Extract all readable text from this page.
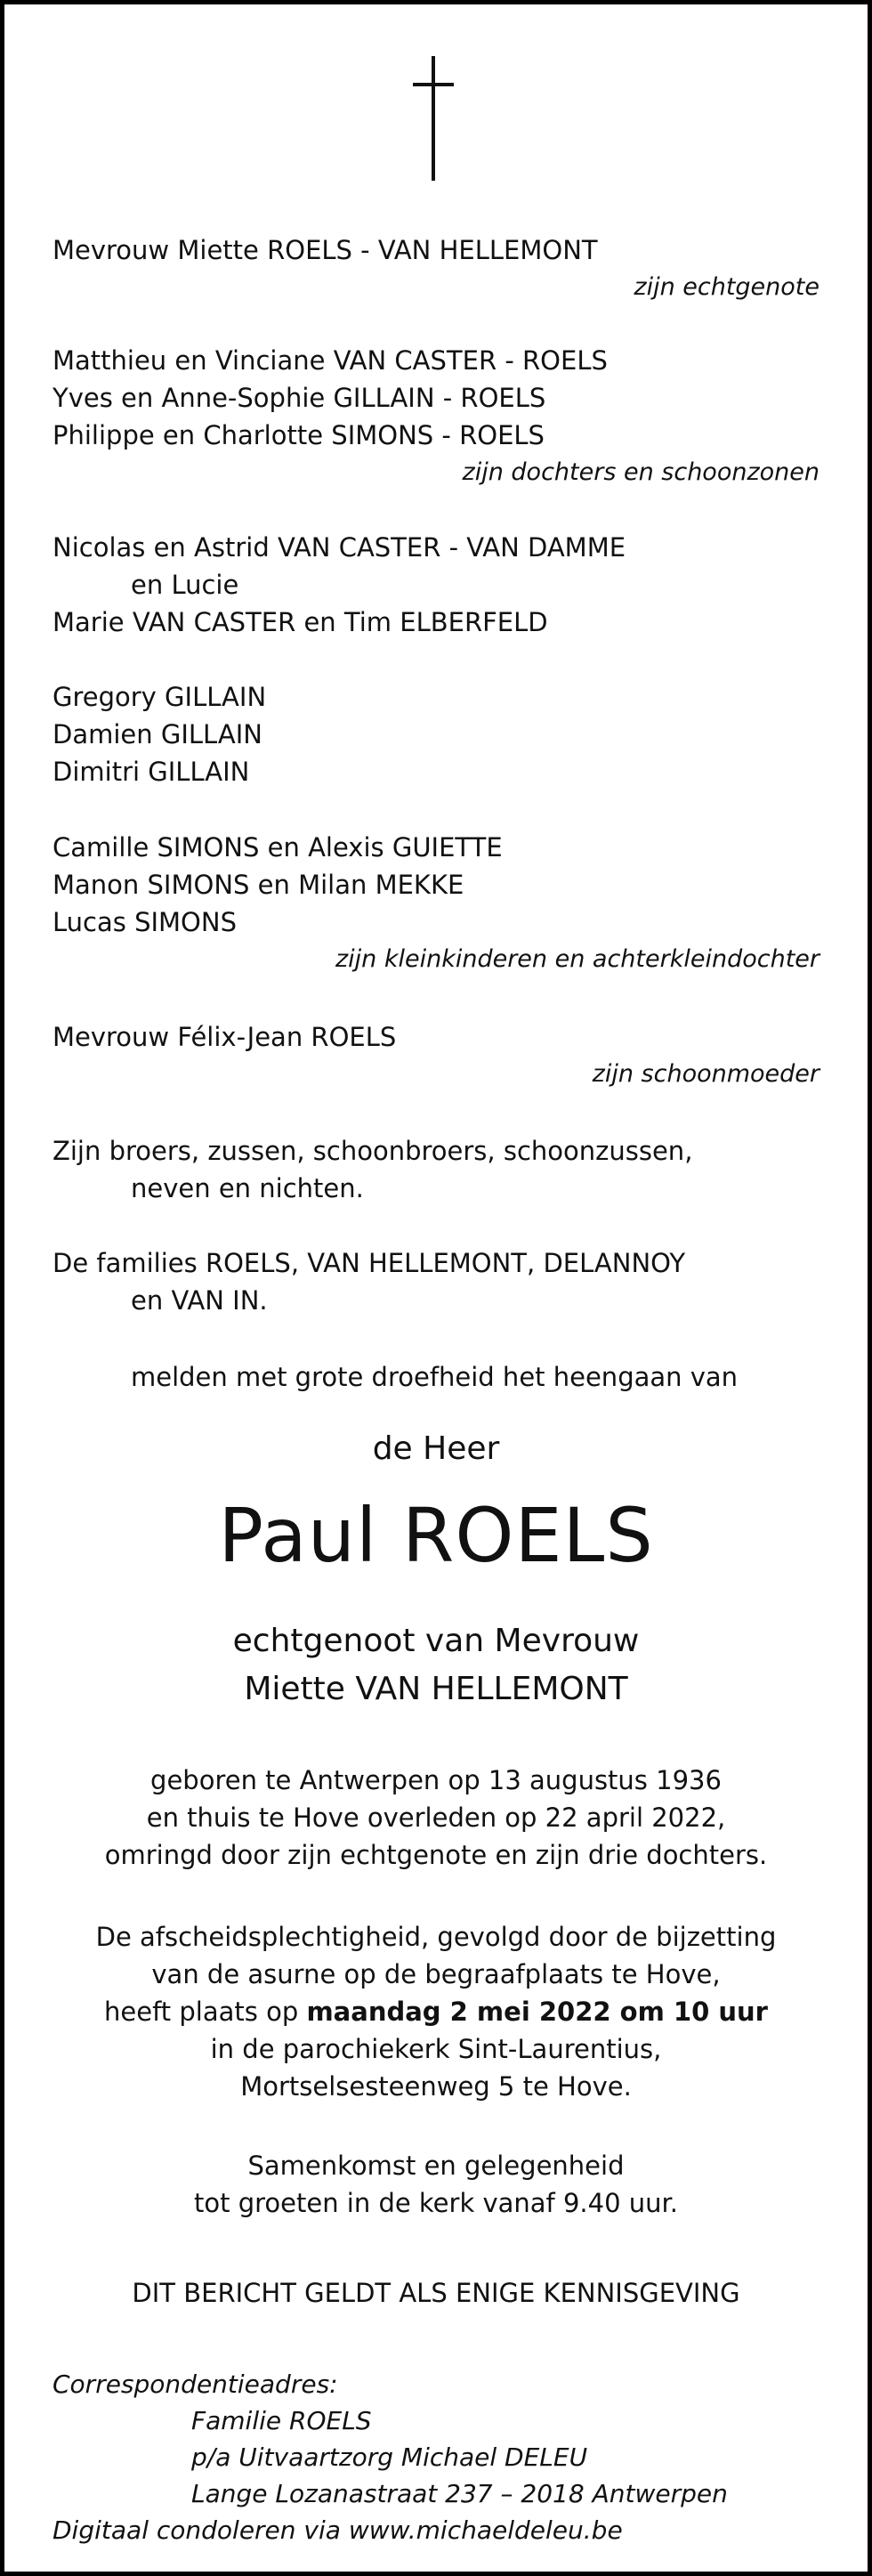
Mevrouw Miette ROELS - VAN HELLEMONT
zijn echtgenote
Matthieu en Vinciane VAN CASTER - ROELS
Yves en Anne-Sophie GILLAIN - ROELS
Philippe en Charlotte SIMONS - ROELS
zijn dochters en schoonzonen
Nicolas en Astrid VAN CASTER - VAN DAMME
en Lucie
Marie VAN CASTER en Tim ELBERFELD
Gregory GILLAIN
Damien GILLAIN
Dimitri GILLAIN
Camille SIMONS en Alexis GUIETTE
Manon SIMONS en Milan MEKKE
Lucas SIMONS
zijn kleinkinderen en achterkleindochter
Mevrouw Félix-Jean ROELS
zijn schoonmoeder
Zijn broers, zussen, schoonbroers, schoonzussen,
neven en nichten.
De families ROELS, VAN HELLEMONT, DELANNOY
en VAN IN.
melden met grote droefheid het heengaan van
de Heer
Paul ROELS
echtgenoot van Mevrouw
Miette VAN HELLEMONT
geboren te Antwerpen op 13 augustus 1936
en thuis te Hove overleden op 22 april 2022,
omringd door zijn echtgenote en zijn drie dochters.
De afscheidsplechtigheid, gevolgd door de bijzetting
van de asurne op de begraafplaats te Hove,
heeft plaats op maandag 2 mei 2022 om 10 uur
in de parochiekerk Sint-Laurentius,
Mortselsesteenweg 5 te Hove.
Samenkomst en gelegenheid
tot groeten in de kerk vanaf 9.40 uur.
DIT BERICHT GELDT ALS ENIGE KENNISGEVING
Correspondentieadres:
Familie ROELS
p/a Uitvaartzorg Michael DELEU
Lange Lozanastraat 237 – 2018 Antwerpen
Digitaal condoleren via www.michaeldeleu.be
